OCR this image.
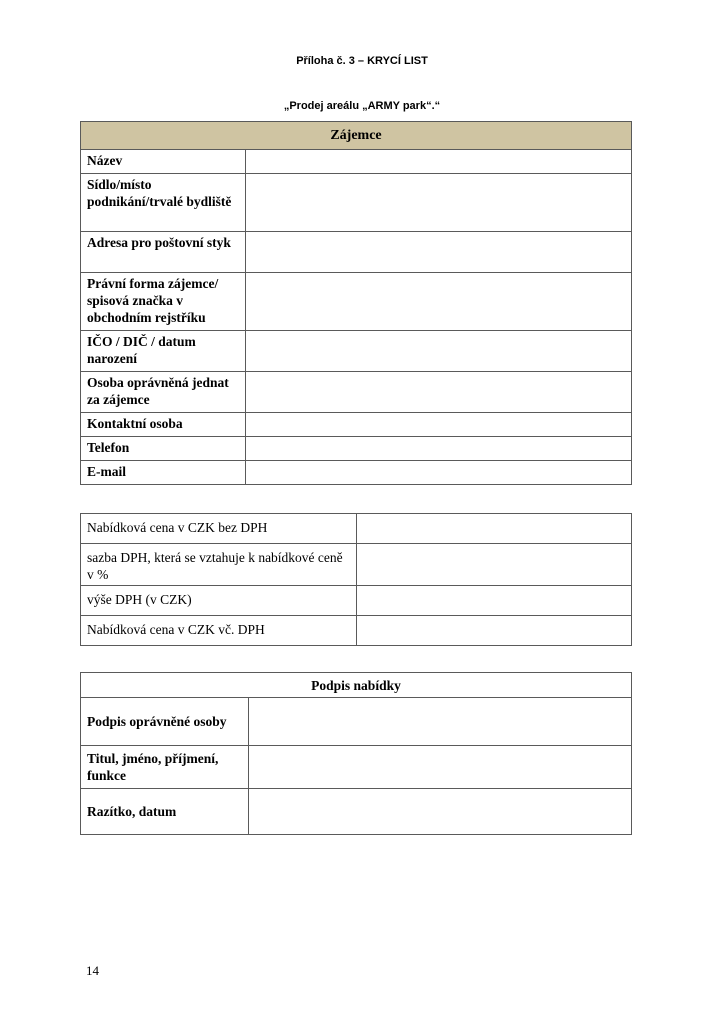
Příloha č. 3 – KRYCÍ LIST
„Prodej areálu „ARMY park“.“
Zájemce	
Název	
Sídlo/místo podnikání/trvalé bydliště	
Adresa pro poštovní styk	
Právní forma zájemce/ spisová značka v obchodním rejstříku	
IČO / DIČ / datum narození	
Osoba oprávněná jednat za zájemce	
Kontaktní osoba	
Telefon	
E-mail	
Nabídková cena v CZK bez DPH	
sazba DPH, která se vztahuje k nabídkové ceně v %	
výše DPH (v CZK)	
Nabídková cena v CZK vč. DPH	
Podpis nabídky	
Podpis oprávněné osoby	
Titul, jméno, příjmení, funkce	
Razítko, datum	
14
